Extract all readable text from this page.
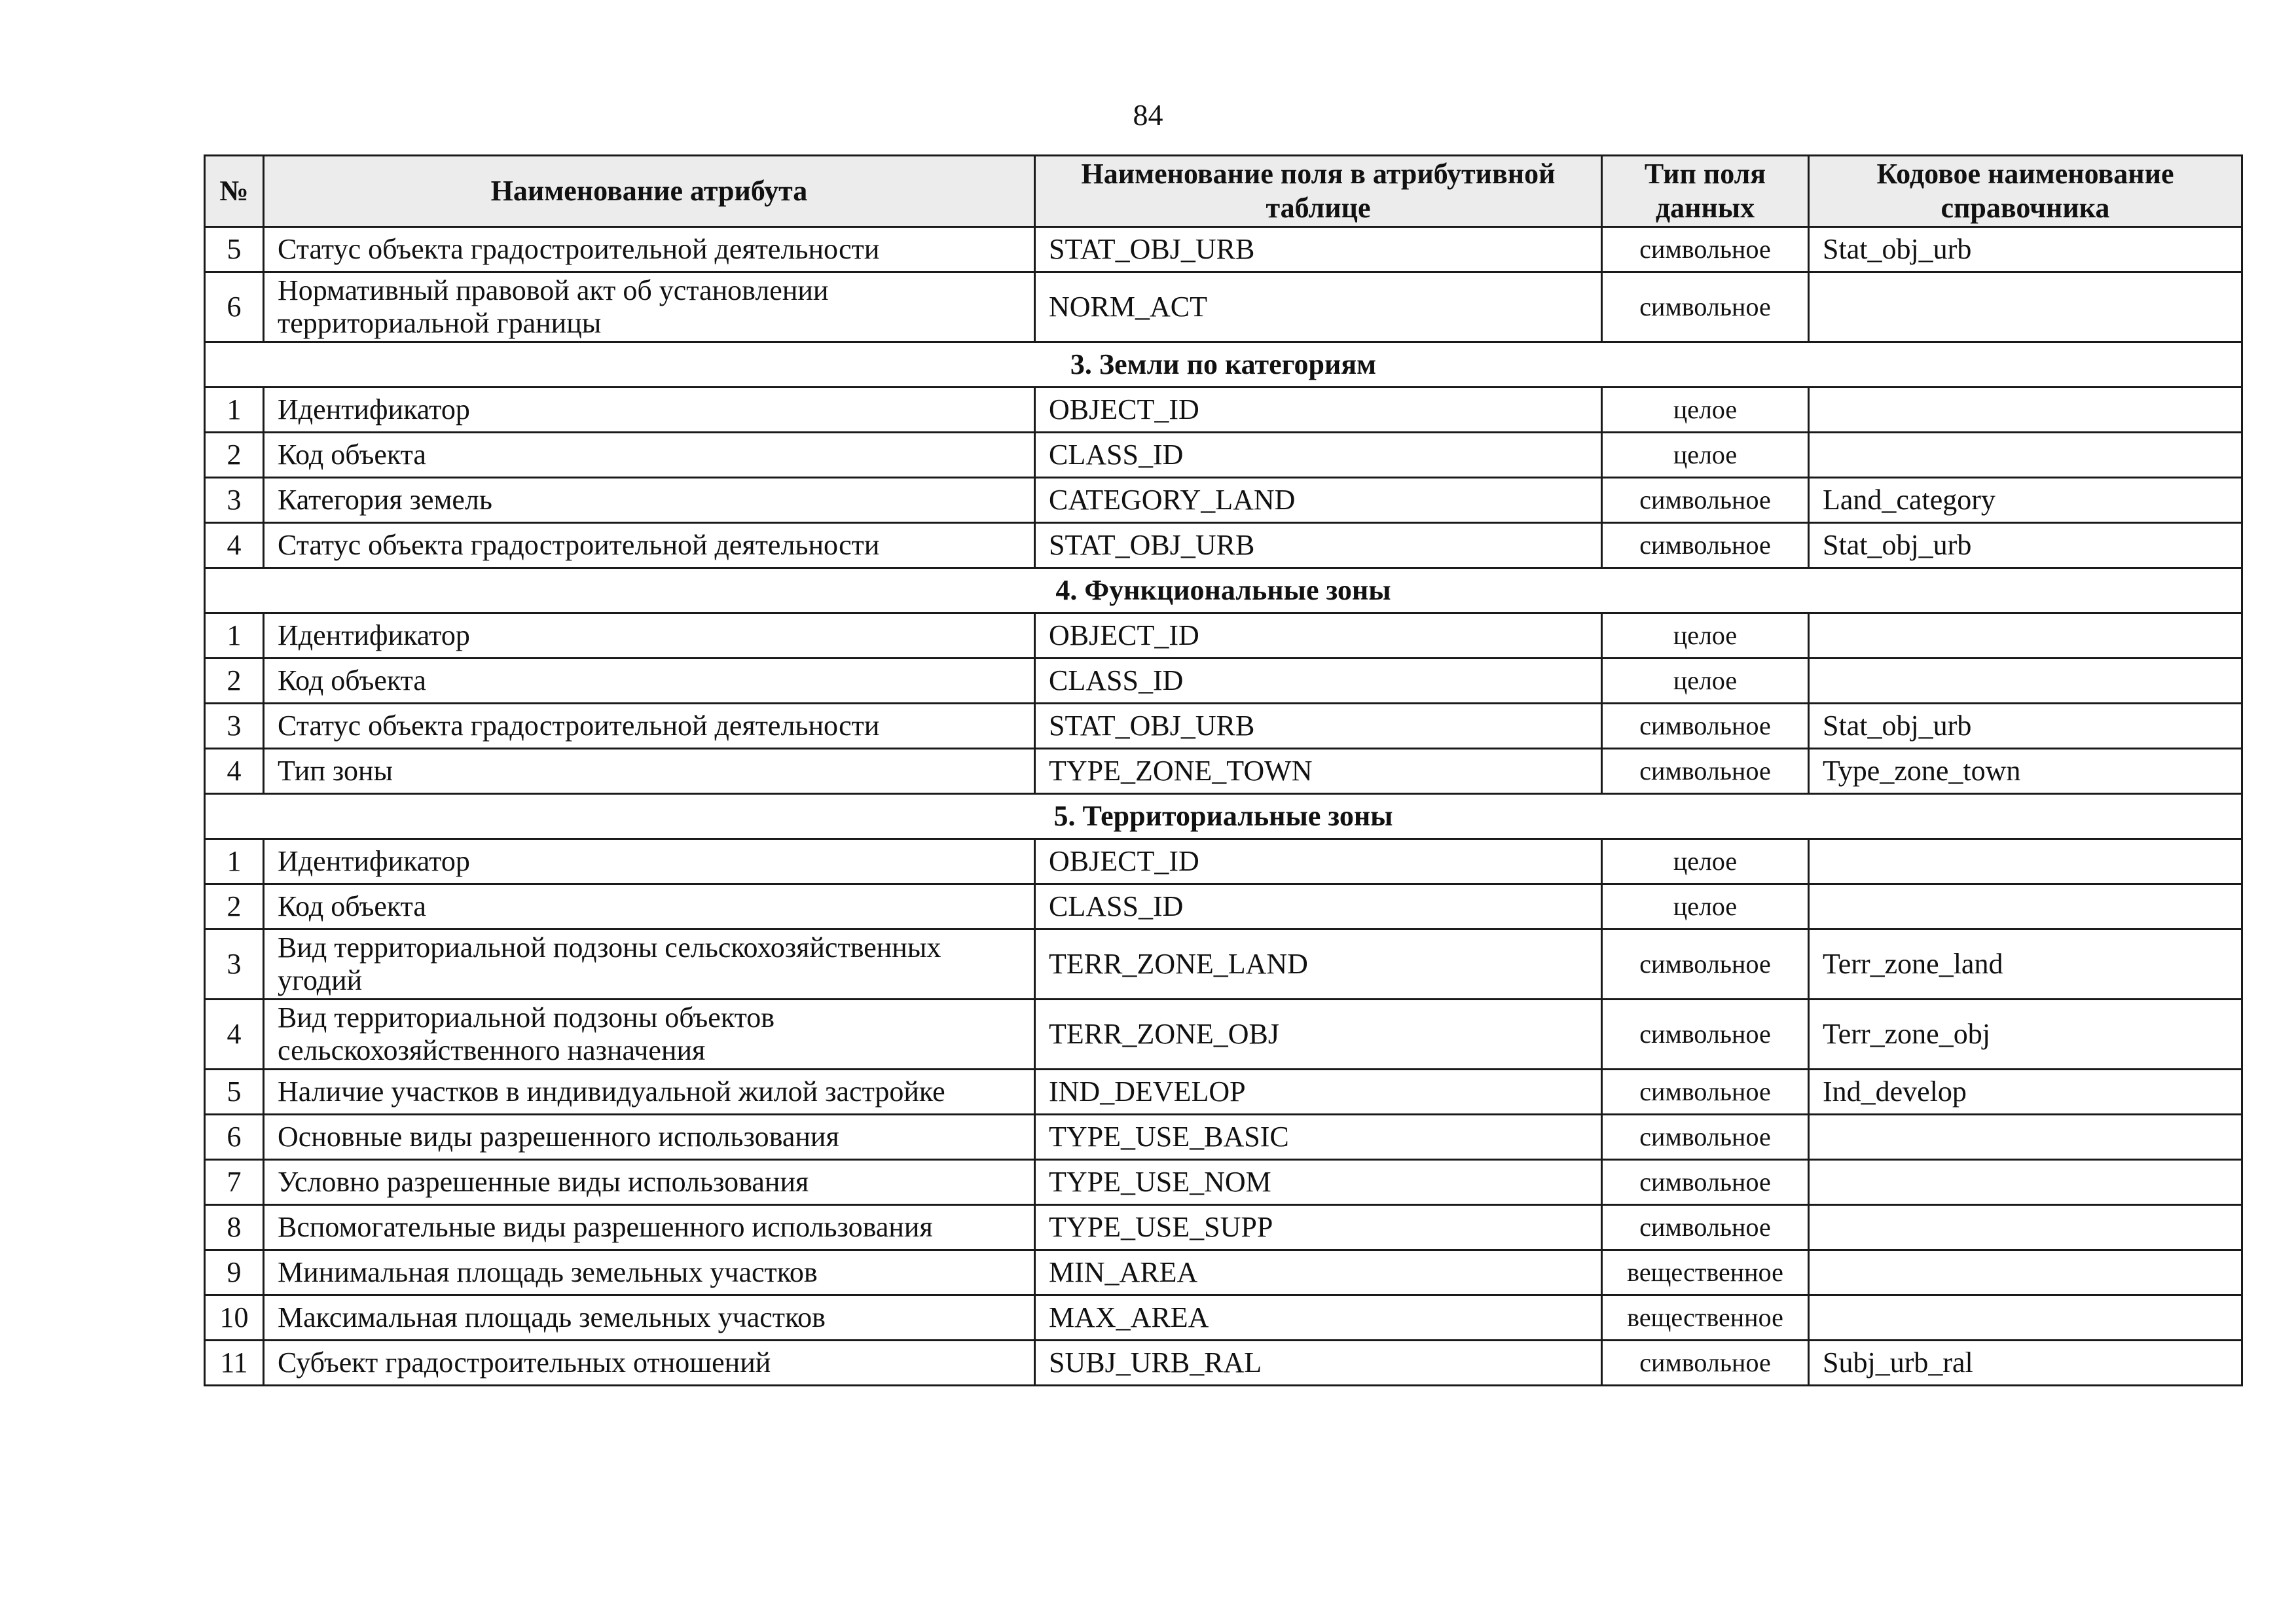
84
№	Наименование атрибута	Наименование поля в атрибутивной таблице	Тип поля данных	Кодовое наименование справочника
5	Статус объекта градостроительной деятельности	STAT_OBJ_URB	символьное	Stat_obj_urb
6	Нормативный правовой акт об установлении территориальной границы	NORM_ACT	символьное	
3. Земли по категориям				
1	Идентификатор	OBJECT_ID	целое	
2	Код объекта	CLASS_ID	целое	
3	Категория земель	CATEGORY_LAND	символьное	Land_category
4	Статус объекта градостроительной деятельности	STAT_OBJ_URB	символьное	Stat_obj_urb
4. Функциональные зоны				
1	Идентификатор	OBJECT_ID	целое	
2	Код объекта	CLASS_ID	целое	
3	Статус объекта градостроительной деятельности	STAT_OBJ_URB	символьное	Stat_obj_urb
4	Тип зоны	TYPE_ZONE_TOWN	символьное	Type_zone_town
5. Территориальные зоны				
1	Идентификатор	OBJECT_ID	целое	
2	Код объекта	CLASS_ID	целое	
3	Вид территориальной подзоны сельскохозяйственных угодий	TERR_ZONE_LAND	символьное	Terr_zone_land
4	Вид территориальной подзоны объектов сельскохозяйственного назначения	TERR_ZONE_OBJ	символьное	Terr_zone_obj
5	Наличие участков в индивидуальной жилой застройке	IND_DEVELOP	символьное	Ind_develop
6	Основные виды разрешенного использования	TYPE_USE_BASIC	символьное	
7	Условно разрешенные виды использования	TYPE_USE_NOM	символьное	
8	Вспомогательные виды разрешенного использования	TYPE_USE_SUPP	символьное	
9	Минимальная площадь земельных участков	MIN_AREA	вещественное	
10	Максимальная площадь земельных участков	MAX_AREA	вещественное	
11	Субъект градостроительных отношений	SUBJ_URB_RAL	символьное	Subj_urb_ral
